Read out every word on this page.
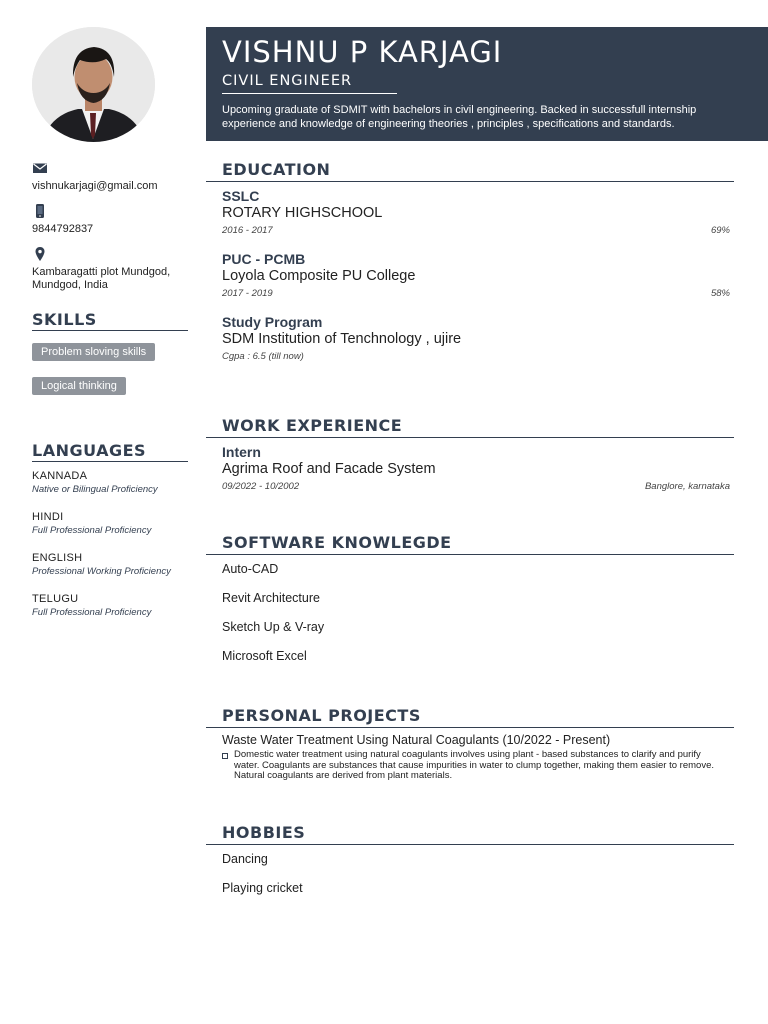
VISHNU P KARJAGI
CIVIL ENGINEER
Upcoming graduate of SDMIT with bachelors in civil engineering. Backed in successfull internship experience and knowledge of engineering theories , principles , specifications and standards.
vishnukarjagi@gmail.com
9844792837
Kambaragatti plot Mundgod, Mundgod, India
SKILLS
Problem sloving skills
Logical thinking
LANGUAGES
KANNADA
Native or Bilingual Proficiency
HINDI
Full Professional Proficiency
ENGLISH
Professional Working Proficiency
TELUGU
Full Professional Proficiency
EDUCATION
SSLC
ROTARY HIGHSCHOOL
2016 - 2017	69%
PUC - PCMB
Loyola Composite PU College
2017 - 2019	58%
Study Program
SDM Institution of Tenchnology , ujire
Cgpa : 6.5 (till now)
WORK EXPERIENCE
Intern
Agrima Roof and Facade System
09/2022 - 10/2002	Banglore, karnataka
SOFTWARE KNOWLEGDE
Auto-CAD
Revit Architecture
Sketch Up & V-ray
Microsoft Excel
PERSONAL PROJECTS
Waste Water Treatment Using Natural Coagulants (10/2022 - Present)
Domestic water treatment using natural coagulants involves using plant - based substances to clarify and purify water. Coagulants are substances that cause impurities in water to clump together, making them easier to remove. Natural coagulants are derived from plant materials.
HOBBIES
Dancing
Playing cricket
